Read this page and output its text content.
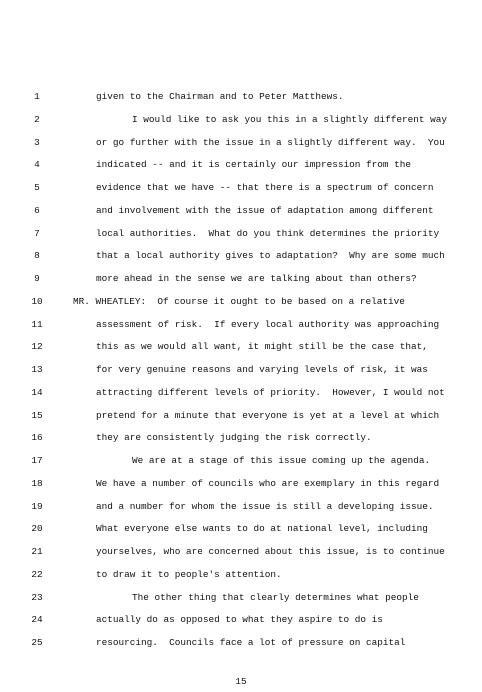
1	given to the Chairman and to Peter Matthews.
2	I would like to ask you this in a slightly different way
3	or go further with the issue in a slightly different way.  You
4	indicated -- and it is certainly our impression from the
5	evidence that we have -- that there is a spectrum of concern
6	and involvement with the issue of adaptation among different
7	local authorities.  What do you think determines the priority
8	that a local authority gives to adaptation?  Why are some much
9	more ahead in the sense we are talking about than others?
10	MR. WHEATLEY:  Of course it ought to be based on a relative
11	assessment of risk.  If every local authority was approaching
12	this as we would all want, it might still be the case that,
13	for very genuine reasons and varying levels of risk, it was
14	attracting different levels of priority.  However, I would not
15	pretend for a minute that everyone is yet at a level at which
16	they are consistently judging the risk correctly.
17	We are at a stage of this issue coming up the agenda.
18	We have a number of councils who are exemplary in this regard
19	and a number for whom the issue is still a developing issue.
20	What everyone else wants to do at national level, including
21	yourselves, who are concerned about this issue, is to continue
22	to draw it to people's attention.
23	The other thing that clearly determines what people
24	actually do as opposed to what they aspire to do is
25	resourcing.  Councils face a lot of pressure on capital
15
